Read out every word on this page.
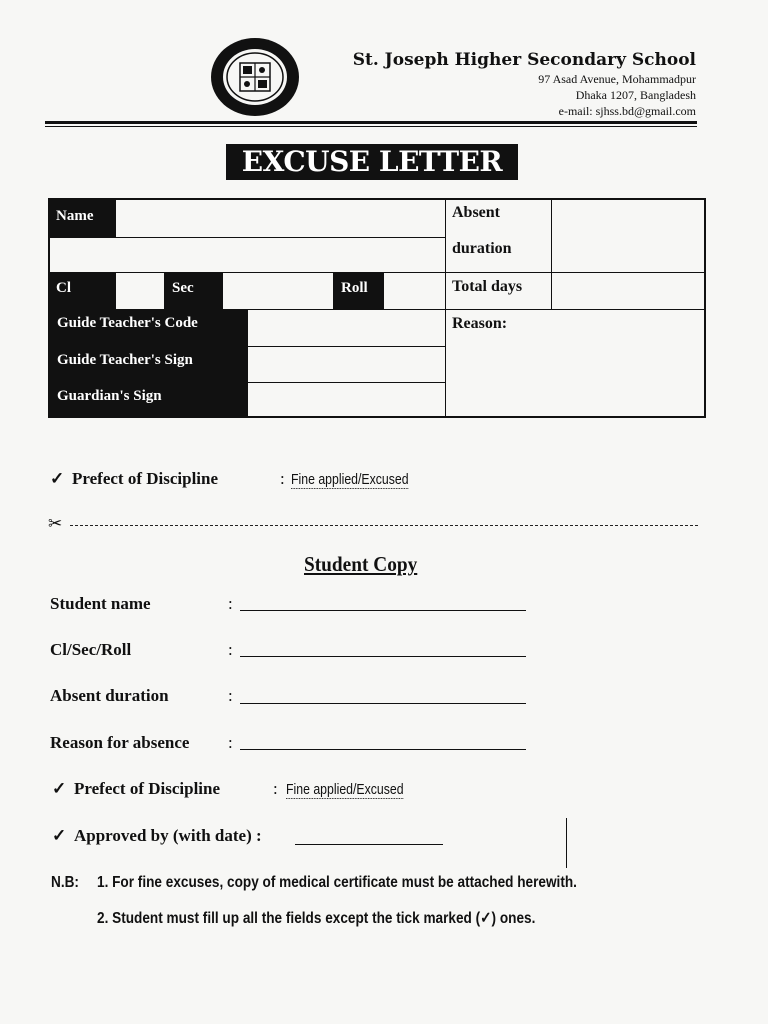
St. Joseph Higher Secondary School
97 Asad Avenue, Mohammadpur
Dhaka 1207, Bangladesh
e-mail: sjhss.bd@gmail.com
EXCUSE LETTER
Name	Absent
duration
Cl	Sec	Roll	Total days
Guide Teacher's Code
Guide Teacher's Sign
Guardian's Sign
Reason:
✓ Prefect of Discipline	: Fine applied/Excused
✂
Student Copy
Student name	:
Cl/Sec/Roll	:
Absent duration	:
Reason for absence :
✓ Prefect of Discipline	: Fine applied/Excused
✓ Approved by (with date) :
N.B: 1. For fine excuses, copy of medical certificate must be attached herewith.
2. Student must fill up all the fields except the tick marked (✓) ones.
